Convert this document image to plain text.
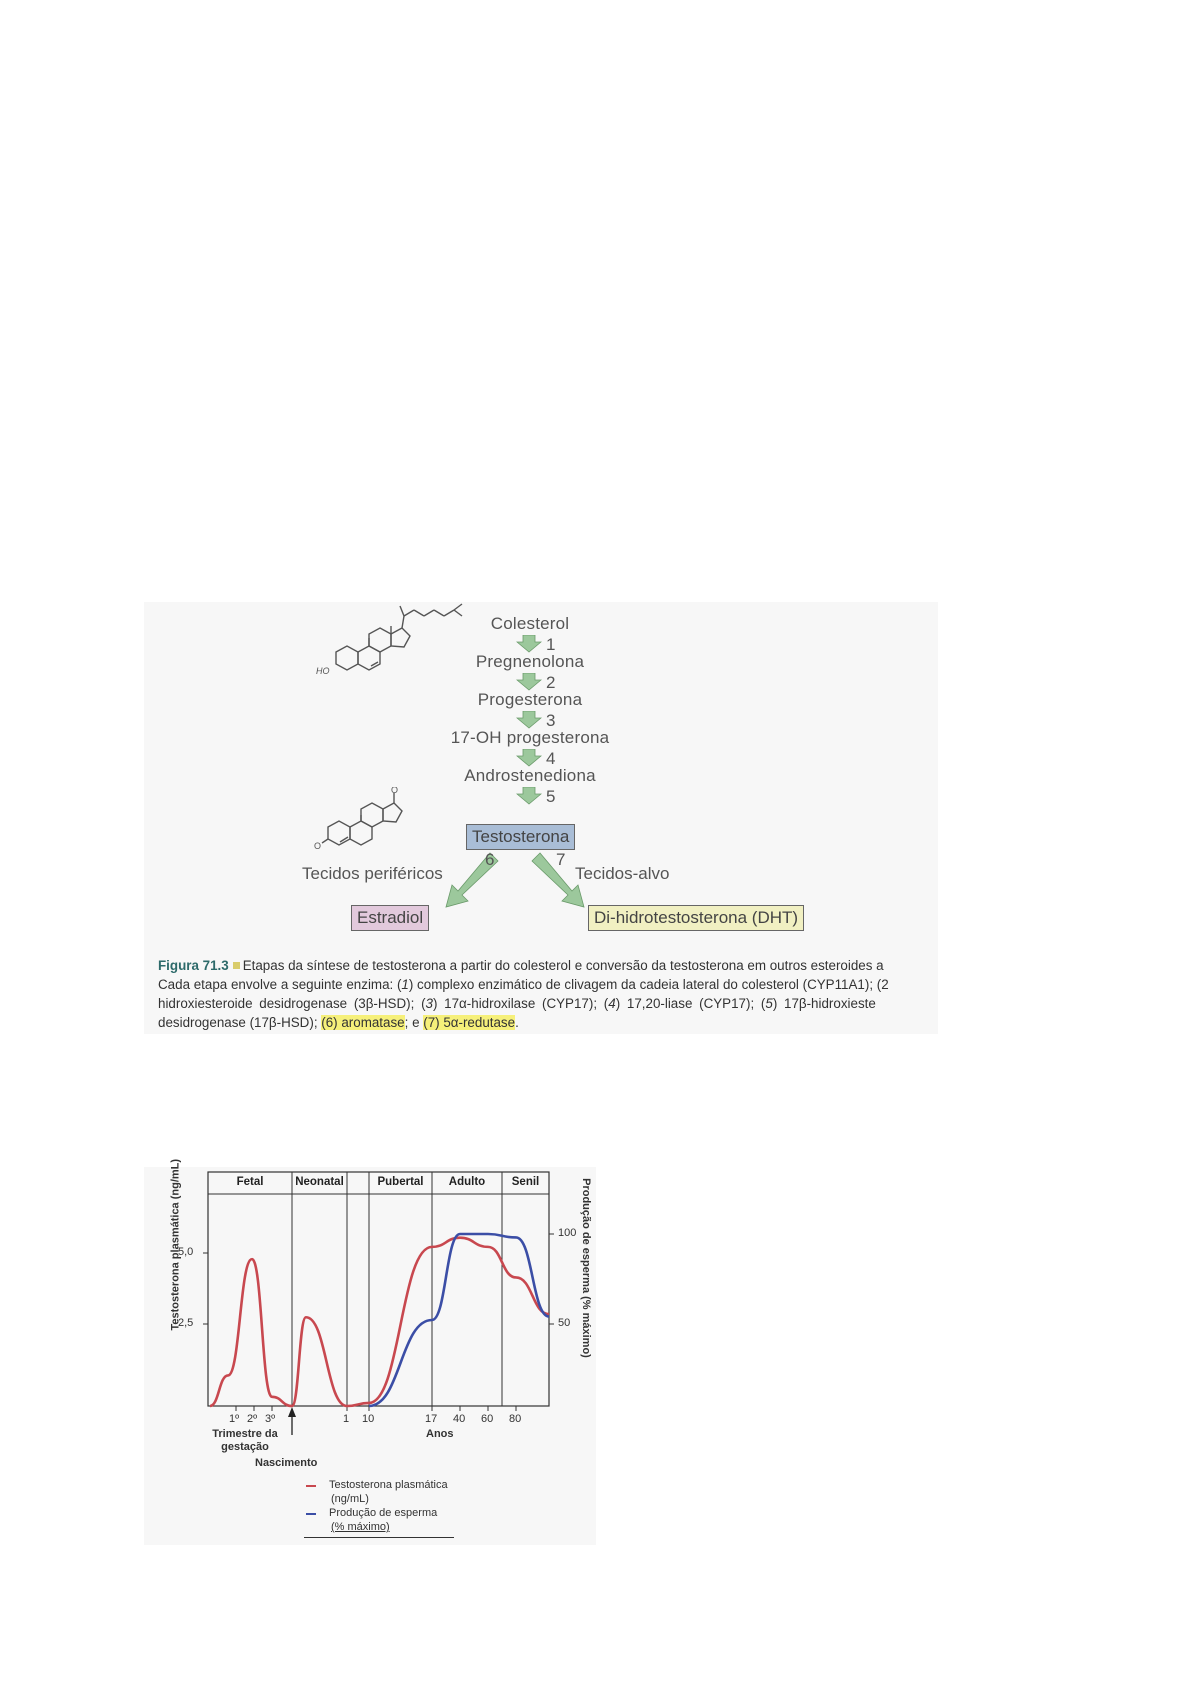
HO
O
O
Colesterol
1
Pregnenolona
2
Progesterona
3
17-OH progesterona
4
Androstenediona
5
Testosterona
6	7
Tecidos periféricos	Tecidos-alvo
Estradiol	Di-hidrotestosterona (DHT)
Figura 71.3 Etapas da síntese de testosterona a partir do colesterol e conversão da testosterona em outros esteroides a
Cada etapa envolve a seguinte enzima: (1) complexo enzimático de clivagem da cadeia lateral do colesterol (CYP11A1); (2
hidroxiesteroide desidrogenase (3β-HSD); (3) 17α-hidroxilase (CYP17); (4) 17,20-liase (CYP17); (5) 17β-hidroxieste
desidrogenase (17β-HSD); (6) aromatase; e (7) 5α-redutase.
Fetal	Neonatal	Pubertal	Adulto	Senil
Testosterona plasmática (ng/mL)
5,0
2,5
100
50 Produção de esperma (% máximo)
1º 2º 3º	1 10	17 40 60 80
Trimestre da gestação
Anos
Nascimento
Testosterona plasmática
(ng/mL)
Produção de esperma
(% máximo)
